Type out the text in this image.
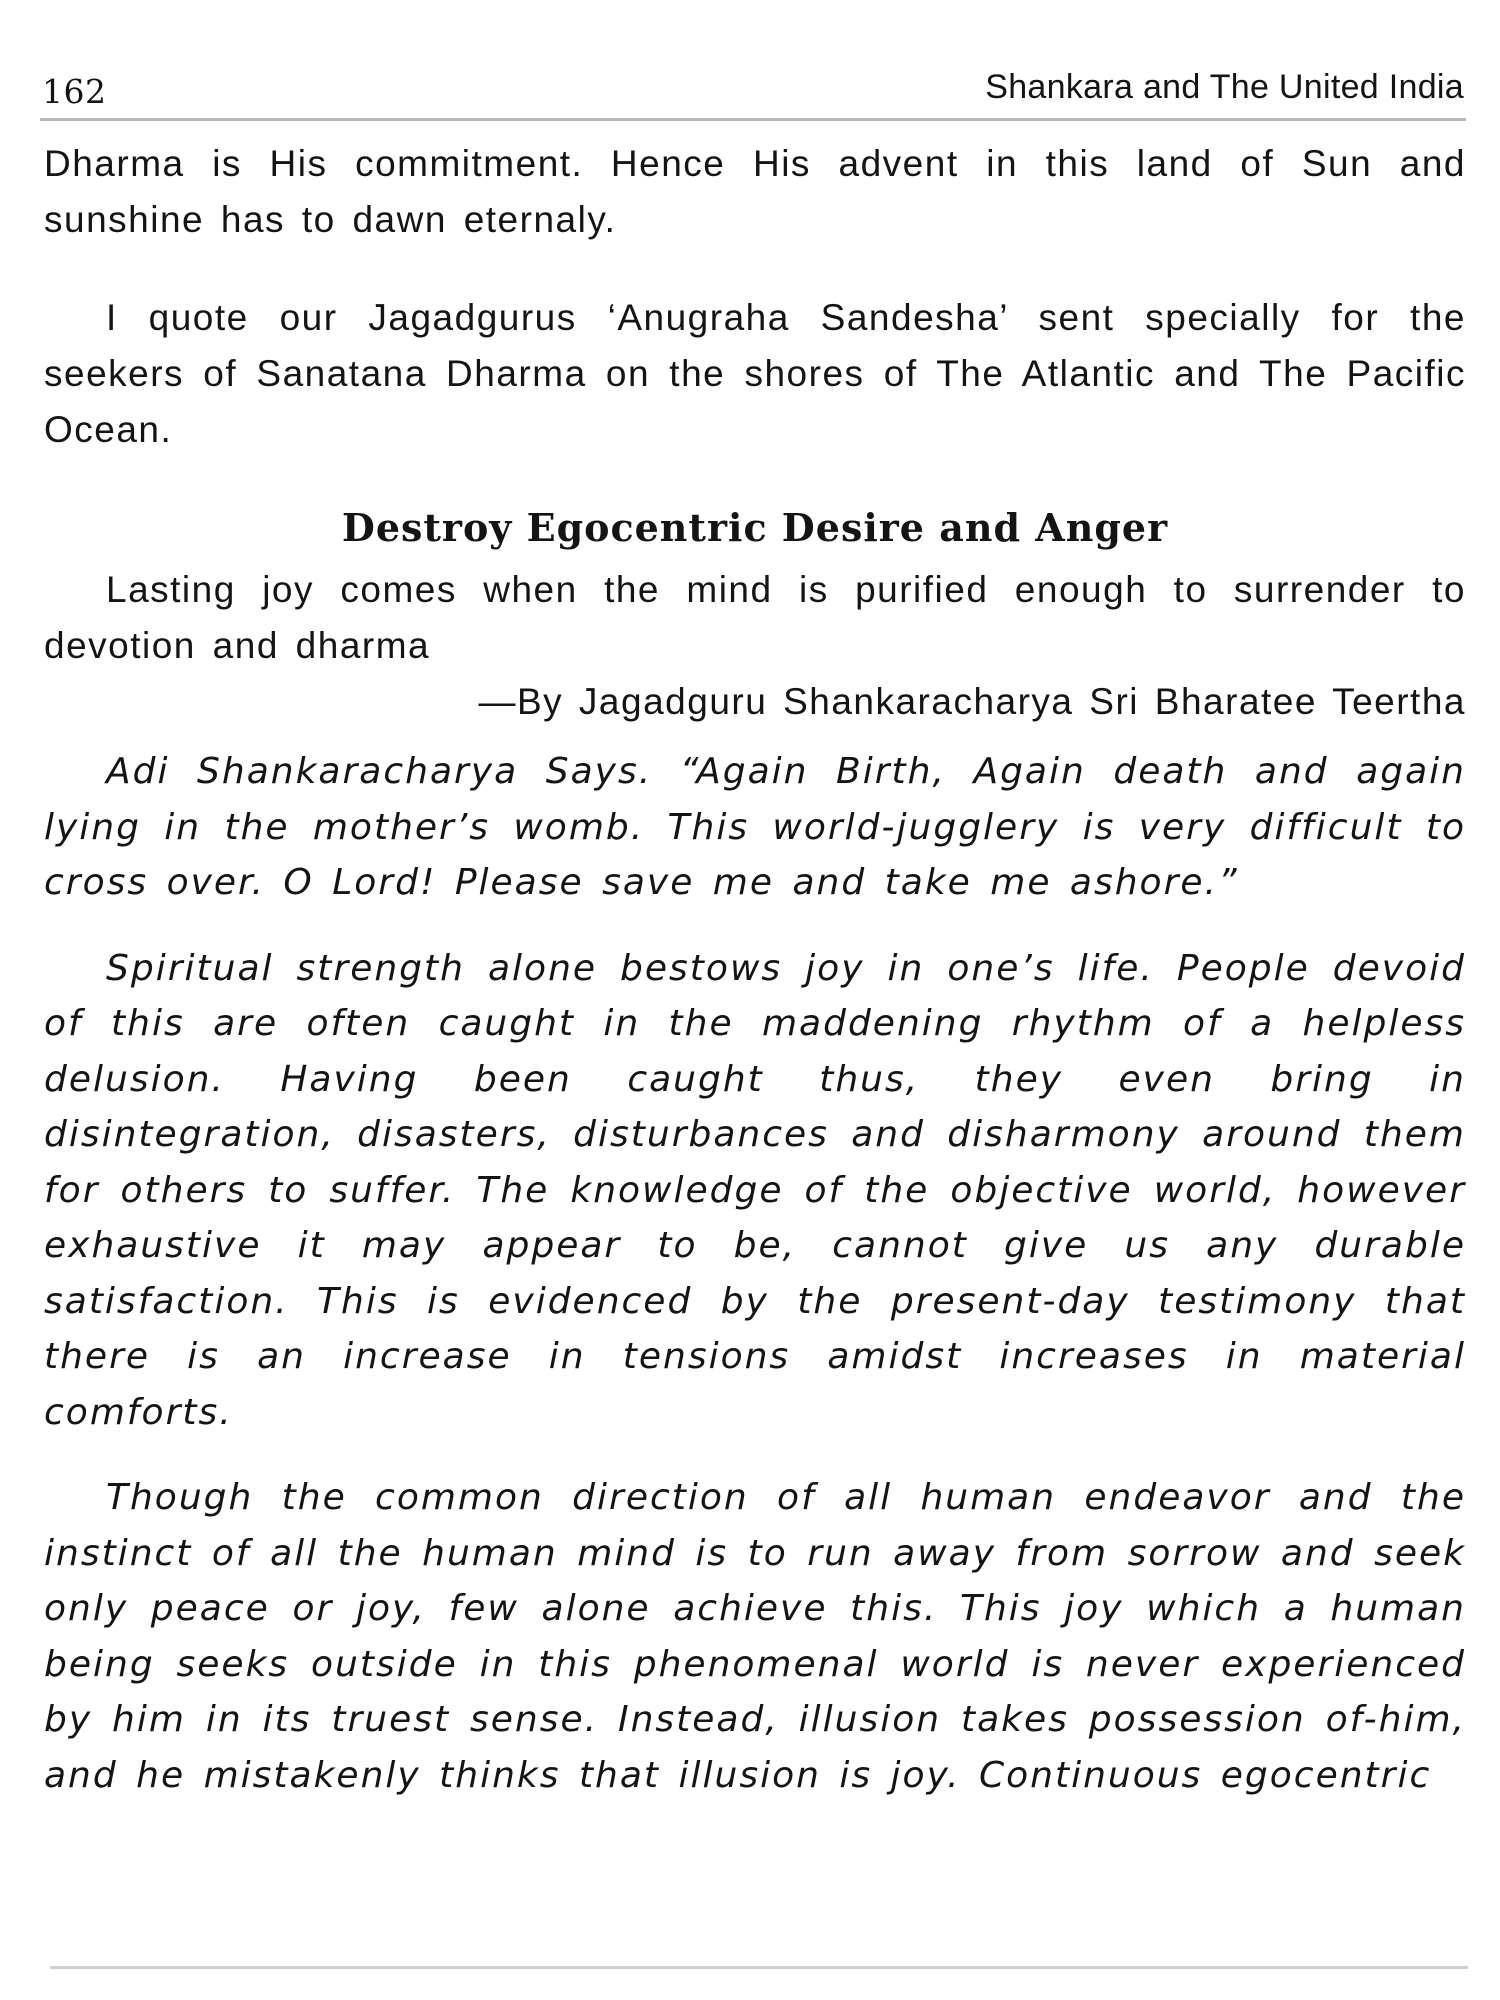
162	Shankara and The United India

Dharma is His commitment. Hence His advent in this land of Sun and sunshine has to dawn eternaly.

I quote our Jagadgurus ‘Anugraha Sandesha’ sent specially for the seekers of Sanatana Dharma on the shores of The Atlantic and The Pacific Ocean.

Destroy Egocentric Desire and Anger

Lasting joy comes when the mind is purified enough to surrender to devotion and dharma

—By Jagadguru Shankaracharya Sri Bharatee Teertha

Adi Shankaracharya Says. “Again Birth, Again death and again lying in the mother’s womb. This world-jugglery is very difficult to cross over. O Lord! Please save me and take me ashore.”

Spiritual strength alone bestows joy in one’s life. People devoid of this are often caught in the maddening rhythm of a helpless delusion. Having been caught thus, they even bring in disintegration, disasters, disturbances and disharmony around them for others to suffer. The knowledge of the objective world, however exhaustive it may appear to be, cannot give us any durable satisfaction. This is evidenced by the present-day testimony that there is an increase in tensions amidst increases in material comforts.

Though the common direction of all human endeavor and the instinct of all the human mind is to run away from sorrow and seek only peace or joy, few alone achieve this. This joy which a human being seeks outside in this phenomenal world is never experienced by him in its truest sense. Instead, illusion takes possession of-him, and he mistakenly thinks that illusion is joy. Continuous egocentric
